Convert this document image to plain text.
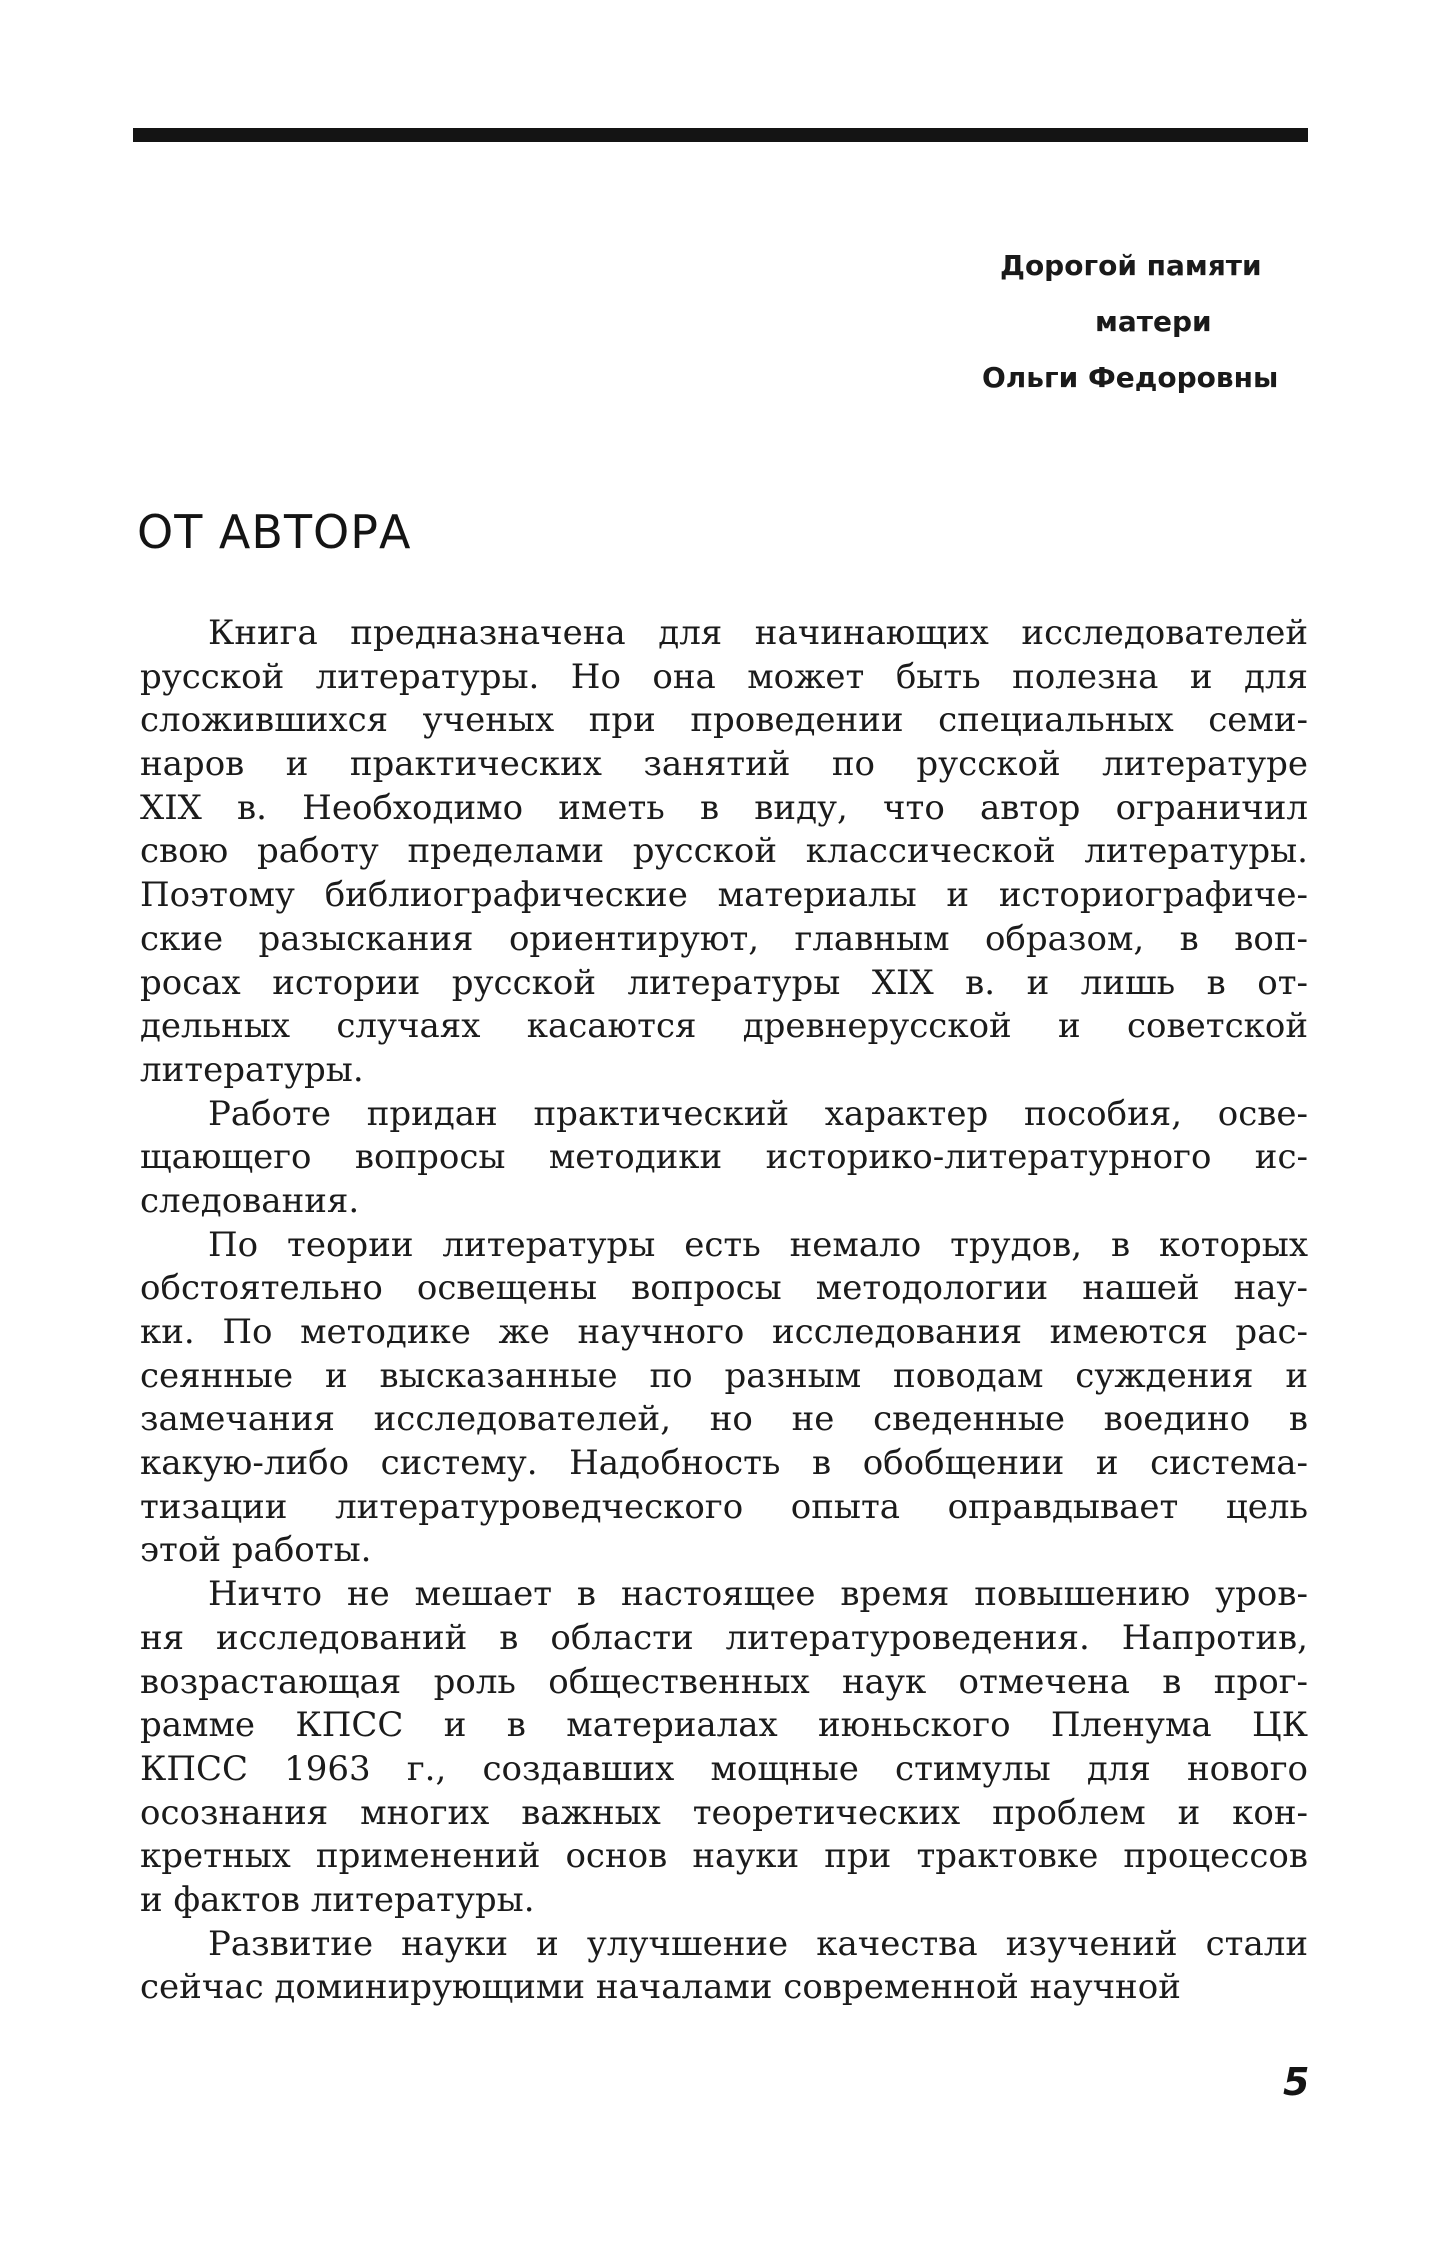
Дорогой памяти
матери
Ольги Федоровны
ОТ АВТОРА
Книга предназначена для начинающих исследователей
русской литературы. Но она может быть полезна и для
сложившихся ученых при проведении специальных семи-
наров и практических занятий по русской литературе
XIX в. Необходимо иметь в виду, что автор ограничил
свою работу пределами русской классической литературы.
Поэтому библиографические материалы и историографиче-
ские разыскания ориентируют, главным образом, в воп-
росах истории русской литературы XIX в. и лишь в от-
дельных случаях касаются древнерусской и советской
литературы.
Работе придан практический характер пособия, осве-
щающего вопросы методики историко-литературного ис-
следования.
По теории литературы есть немало трудов, в которых
обстоятельно освещены вопросы методологии нашей нау-
ки. По методике же научного исследования имеются рас-
сеянные и высказанные по разным поводам суждения и
замечания исследователей, но не сведенные воедино в
какую-либо систему. Надобность в обобщении и система-
тизации литературоведческого опыта оправдывает цель
этой работы.
Ничто не мешает в настоящее время повышению уров-
ня исследований в области литературоведения. Напротив,
возрастающая роль общественных наук отмечена в прог-
рамме КПСС и в материалах июньского Пленума ЦК
КПСС 1963 г., создавших мощные стимулы для нового
осознания многих важных теоретических проблем и кон-
кретных применений основ науки при трактовке процессов
и фактов литературы.
Развитие науки и улучшение качества изучений стали
сейчас доминирующими началами современной научной
5
